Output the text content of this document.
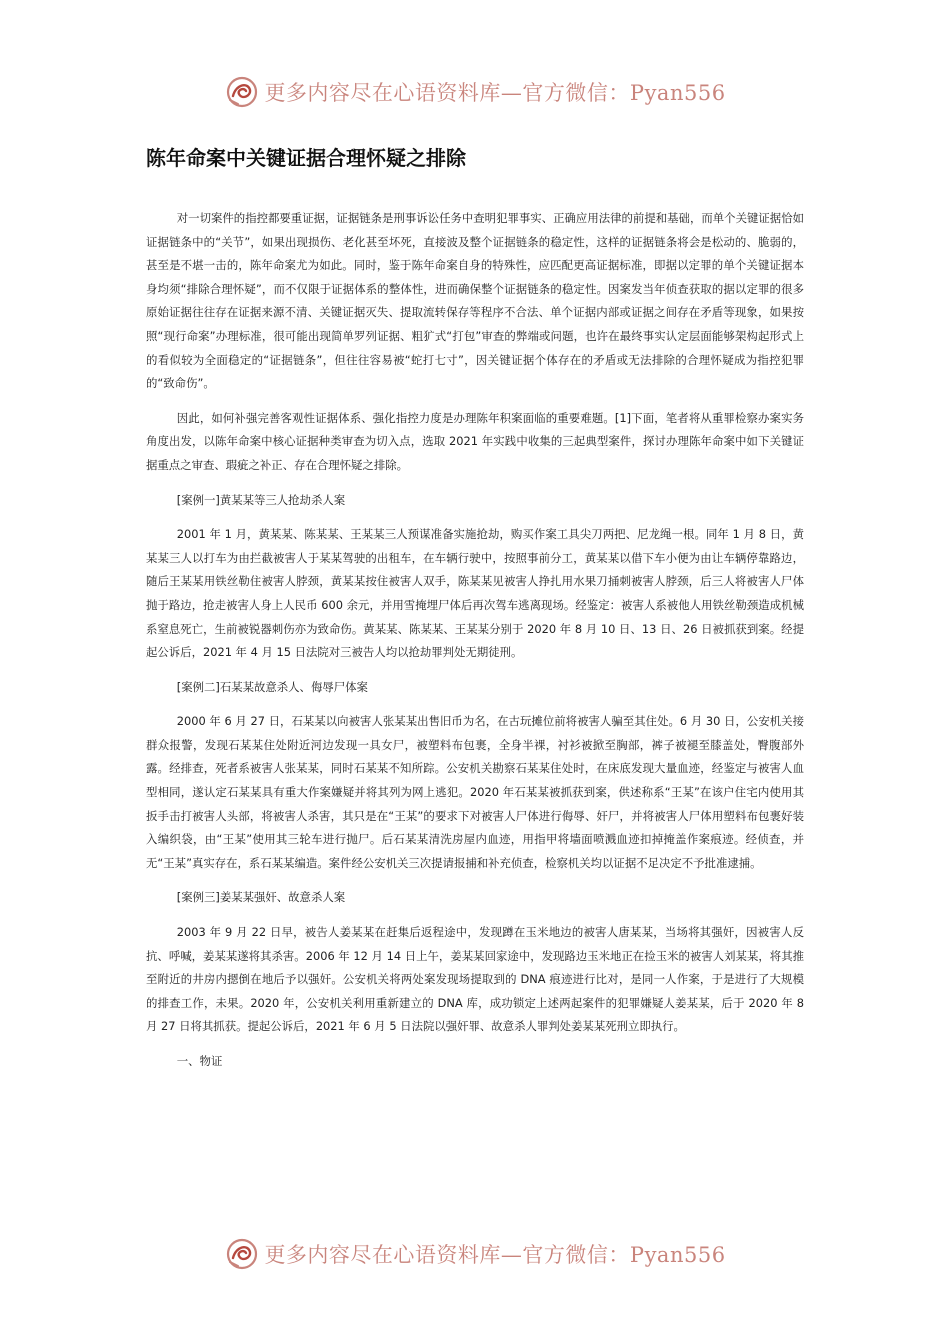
更多内容尽在心语资料库—官方微信：Pyan556
陈年命案中关键证据合理怀疑之排除

对一切案件的指控都要重证据，证据链条是刑事诉讼任务中查明犯罪事实、正确应用法律的前提和基础，而单个关键证据恰如证据链条中的“关节”，如果出现损伤、老化甚至坏死，直接波及整个证据链条的稳定性，这样的证据链条将会是松动的、脆弱的，甚至是不堪一击的，陈年命案尤为如此。同时，鉴于陈年命案自身的特殊性，应匹配更高证据标准，即据以定罪的单个关键证据本身均须“排除合理怀疑”，而不仅限于证据体系的整体性，进而确保整个证据链条的稳定性。因案发当年侦查获取的据以定罪的很多原始证据往往存在证据来源不清、关键证据灭失、提取流转保存等程序不合法、单个证据内部或证据之间存在矛盾等现象，如果按照“现行命案”办理标准，很可能出现简单罗列证据、粗犷式“打包”审查的弊端或问题，也许在最终事实认定层面能够架构起形式上的看似较为全面稳定的“证据链条”，但往往容易被“蛇打七寸”，因关键证据个体存在的矛盾或无法排除的合理怀疑成为指控犯罪的“致命伤”。

因此，如何补强完善客观性证据体系、强化指控力度是办理陈年积案面临的重要难题。[1]下面，笔者将从重罪检察办案实务角度出发，以陈年命案中核心证据种类审查为切入点，选取 2021 年实践中收集的三起典型案件，探讨办理陈年命案中如下关键证据重点之审查、瑕疵之补正、存在合理怀疑之排除。

[案例一]黄某某等三人抢劫杀人案

2001 年 1 月，黄某某、陈某某、王某某三人预谋准备实施抢劫，购买作案工具尖刀两把、尼龙绳一根。同年 1 月 8 日，黄某某三人以打车为由拦截被害人于某某驾驶的出租车，在车辆行驶中，按照事前分工，黄某某以借下车小便为由让车辆停靠路边，随后王某某用铁丝勒住被害人脖颈，黄某某按住被害人双手，陈某某见被害人挣扎用水果刀捅刺被害人脖颈，后三人将被害人尸体抛于路边，抢走被害人身上人民币 600 余元，并用雪掩埋尸体后再次驾车逃离现场。经鉴定：被害人系被他人用铁丝勒颈造成机械系窒息死亡，生前被锐器刺伤亦为致命伤。黄某某、陈某某、王某某分别于 2020 年 8 月 10 日、13 日、26 日被抓获到案。经提起公诉后，2021 年 4 月 15 日法院对三被告人均以抢劫罪判处无期徒刑。

[案例二]石某某故意杀人、侮辱尸体案

2000 年 6 月 27 日，石某某以向被害人张某某出售旧币为名，在古玩摊位前将被害人骗至其住处。6 月 30 日，公安机关接群众报警，发现石某某住处附近河边发现一具女尸，被塑料布包裹，全身半裸，衬衫被掀至胸部，裤子被褪至膝盖处，臀腹部外露。经排查，死者系被害人张某某，同时石某某不知所踪。公安机关勘察石某某住处时，在床底发现大量血迹，经鉴定与被害人血型相同，遂认定石某某具有重大作案嫌疑并将其列为网上逃犯。2020 年石某某被抓获到案，供述称系“王某”在该户住宅内使用其扳手击打被害人头部，将被害人杀害，其只是在“王某”的要求下对被害人尸体进行侮辱、奸尸，并将被害人尸体用塑料布包裹好装入编织袋，由“王某”使用其三轮车进行抛尸。后石某某清洗房屋内血迹，用指甲将墙面喷溅血迹扣掉掩盖作案痕迹。经侦查，并无“王某”真实存在，系石某某编造。案件经公安机关三次提请报捕和补充侦查，检察机关均以证据不足决定不予批准逮捕。

[案例三]姜某某强奸、故意杀人案

2003 年 9 月 22 日早，被告人姜某某在赶集后返程途中，发现蹲在玉米地边的被害人唐某某，当场将其强奸，因被害人反抗、呼喊，姜某某遂将其杀害。2006 年 12 月 14 日上午，姜某某回家途中，发现路边玉米地正在捡玉米的被害人刘某某，将其推至附近的井房内摁倒在地后予以强奸。公安机关将两处案发现场提取到的 DNA 痕迹进行比对，是同一人作案，于是进行了大规模的排查工作，未果。2020 年，公安机关利用重新建立的 DNA 库，成功锁定上述两起案件的犯罪嫌疑人姜某某，后于 2020 年 8 月 27 日将其抓获。提起公诉后，2021 年 6 月 5 日法院以强奸罪、故意杀人罪判处姜某某死刑立即执行。

一、物证

更多内容尽在心语资料库—官方微信：Pyan556
